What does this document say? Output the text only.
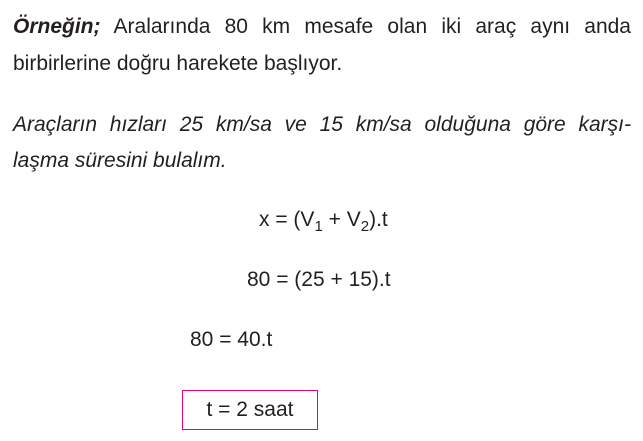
Örneğin; Aralarında 80 km mesafe olan iki araç aynı anda
birbirlerine doğru harekete başlıyor.
Araçların hızları 25 km/sa ve 15 km/sa olduğuna göre karşı-
laşma süresini bulalım.
$x = (V_1 + V_2).t$
80 = (25 + 15).t
80 = 40.t
t = 2 saat
